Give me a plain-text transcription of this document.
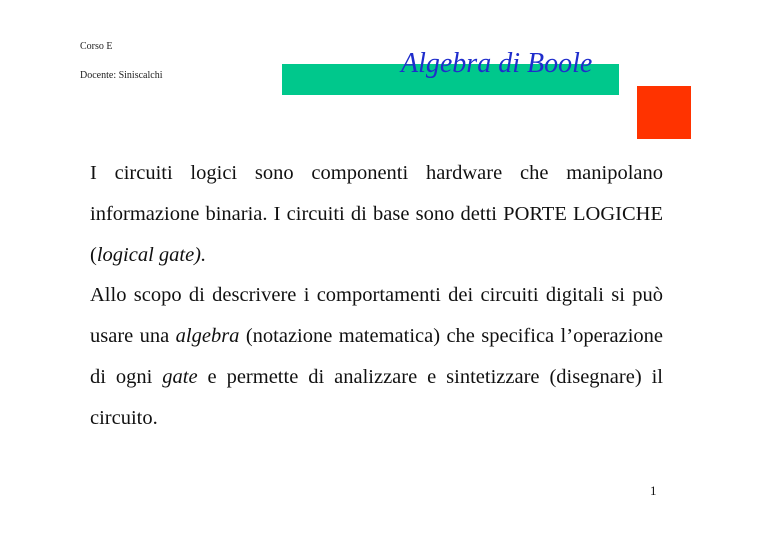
Corso E
Docente: Siniscalchi	Algebra di Boole

I circuiti logici sono componenti hardware che manipolano informazione binaria. I circuiti di base sono detti PORTE LOGICHE (logical gate).

Allo scopo di descrivere i comportamenti dei circuiti digitali si può usare una algebra (notazione matematica) che specifica l’operazione di ogni gate e permette di analizzare e sintetizzare (disegnare) il circuito.

1
